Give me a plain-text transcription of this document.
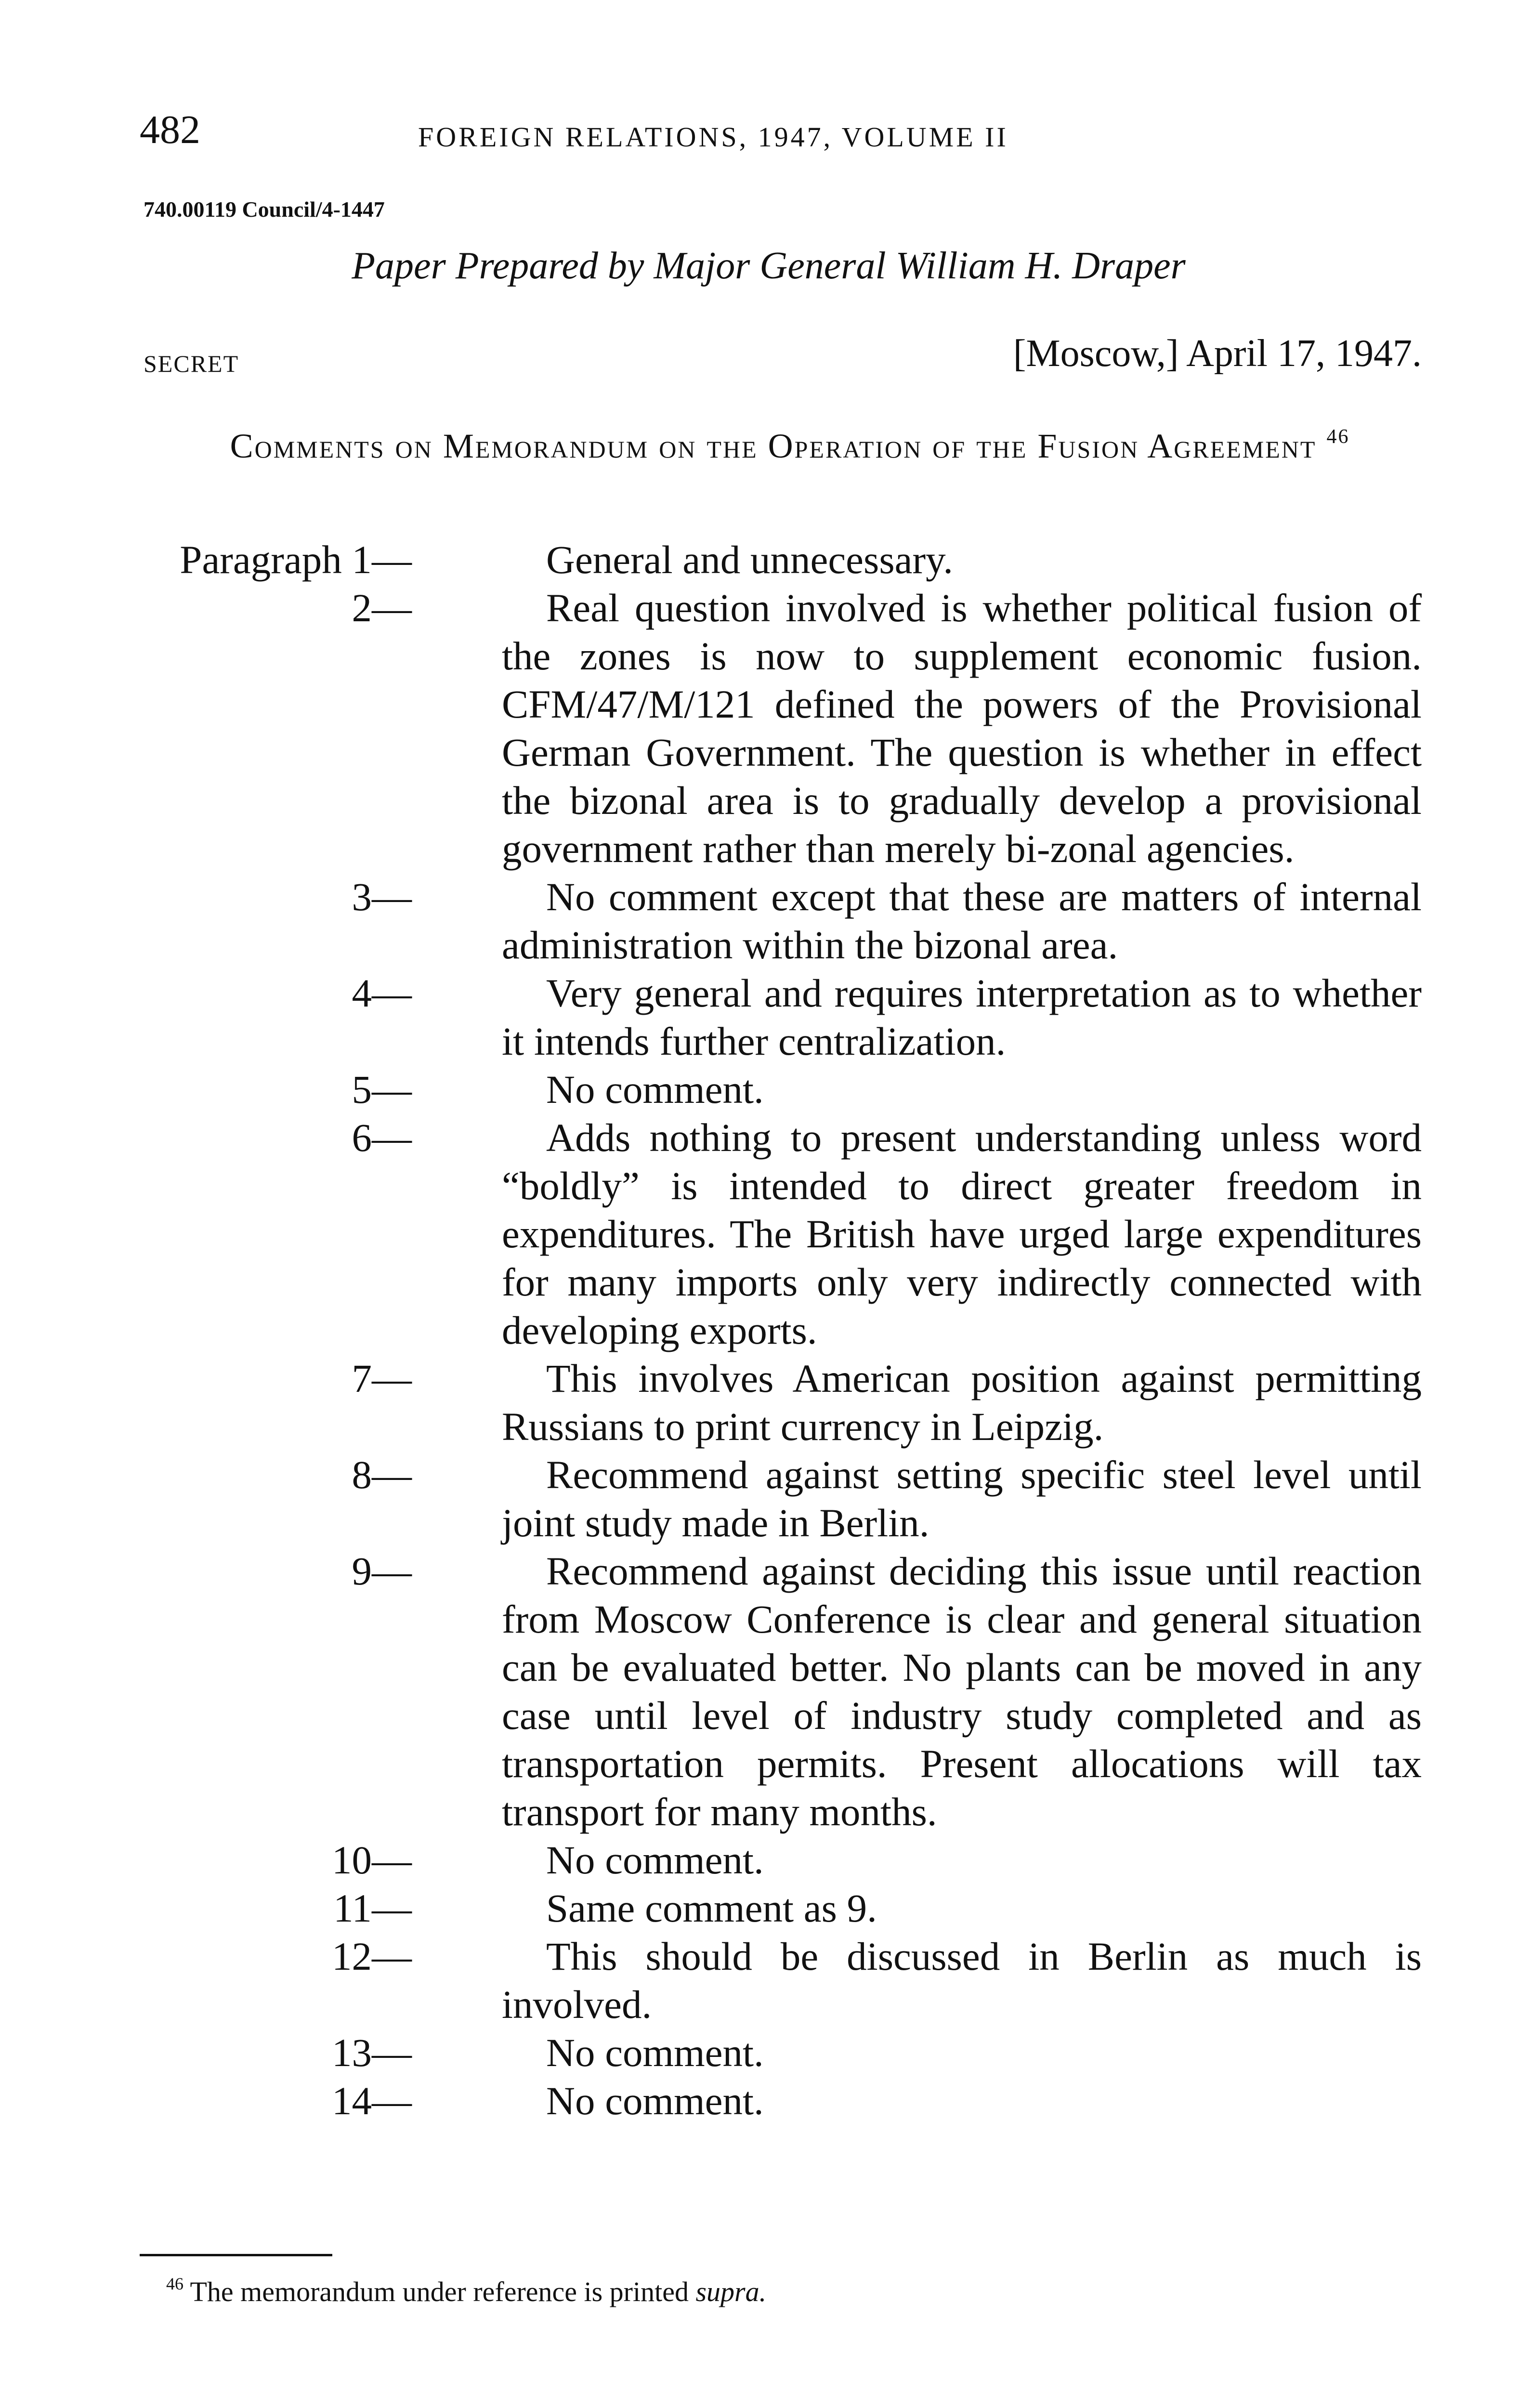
482	FOREIGN RELATIONS, 1947, VOLUME II
740.00119 Council/4-1447
Paper Prepared by Major General William H. Draper
SECRET	[Moscow,] April 17, 1947.
Comments on Memorandum on the Operation of the Fusion Agreement $^{46}$
Paragraph 1—	General and unnecessary.
2—	Real question involved is whether political fusion of the zones is now to supplement economic fusion. CFM/47/M/121 defined the powers of the Provisional German Government. The question is whether in effect the bizonal area is to gradually develop a provisional government rather than merely bi-zonal agencies.
3—	No comment except that these are matters of internal administration within the bizonal area.
4—	Very general and requires interpretation as to whether it intends further centralization.
5—	No comment.
6—	Adds nothing to present understanding unless word “boldly” is intended to direct greater freedom in expenditures. The British have urged large expenditures for many imports only very indirectly connected with developing exports.
7—	This involves American position against permitting Russians to print currency in Leipzig.
8—	Recommend against setting specific steel level until joint study made in Berlin.
9—	Recommend against deciding this issue until reaction from Moscow Conference is clear and general situation can be evaluated better. No plants can be moved in any case until level of industry study completed and as transportation permits. Present allocations will tax transport for many months.
10—	No comment.
11—	Same comment as 9.
12—	This should be discussed in Berlin as much is involved.
13—	No comment.
14—	No comment.
$^{46}$ The memorandum under reference is printed supra.
